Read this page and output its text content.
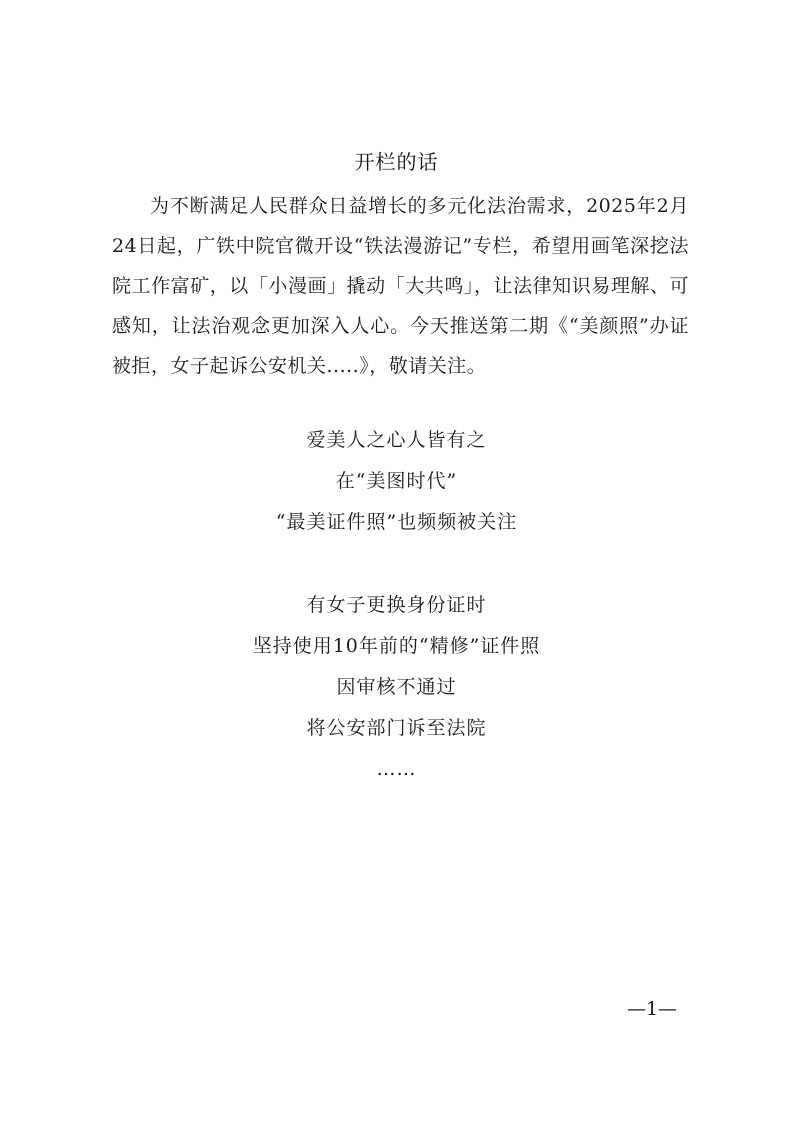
开栏的话

为不断满足人民群众日益增长的多元化法治需求，2025年2月24日起，广铁中院官微开设“铁法漫游记”专栏，希望用画笔深挖法院工作富矿，以「小漫画」撬动「大共鸣」，让法律知识易理解、可感知，让法治观念更加深入人心。今天推送第二期《“美颜照”办证被拒，女子起诉公安机关.....》，敬请关注。

爱美人之心人皆有之
在“美图时代”
“最美证件照”也频频被关注
有女子更换身份证时
坚持使用10年前的“精修”证件照
因审核不通过
将公安部门诉至法院
……
—1—
